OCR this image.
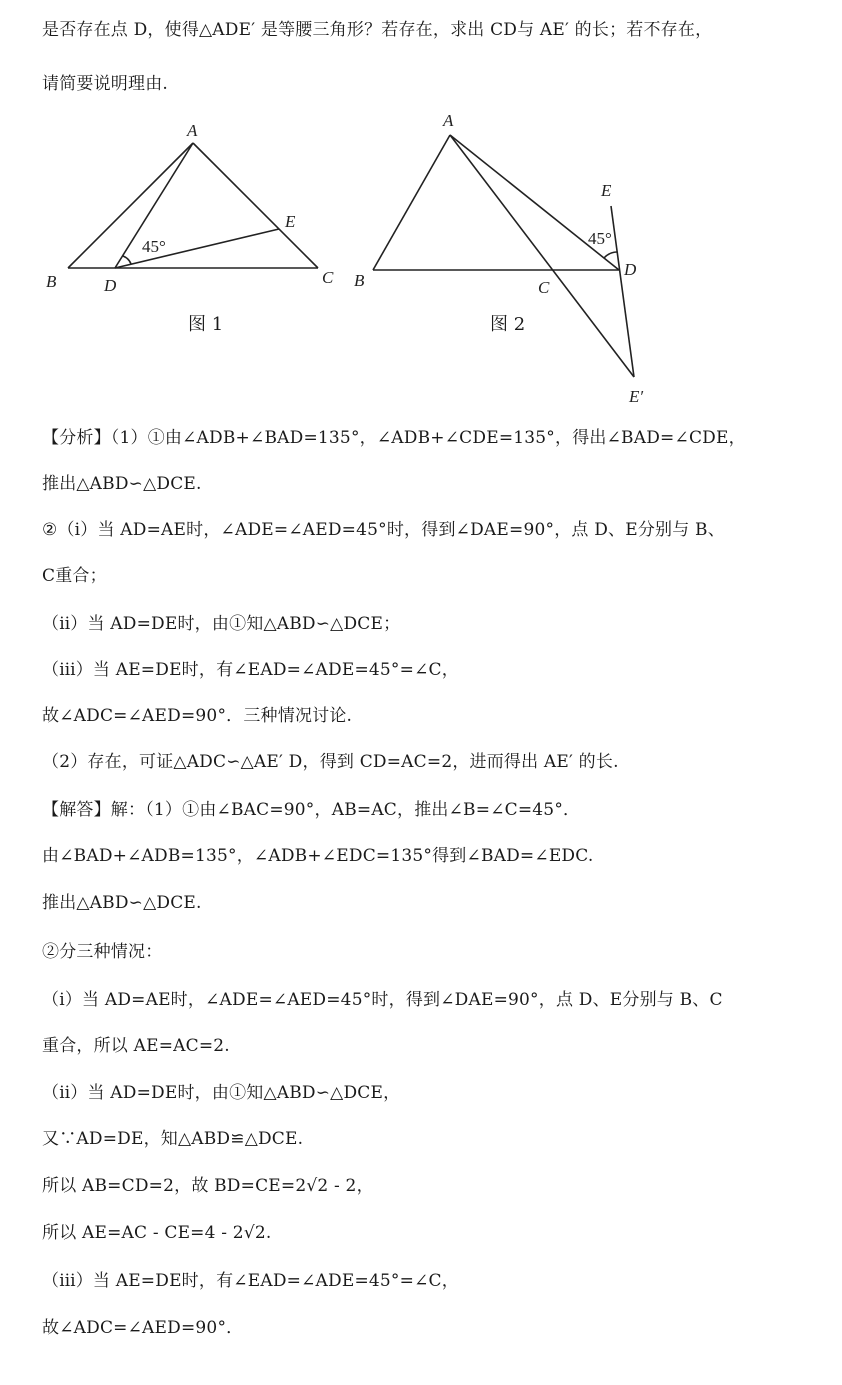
是否存在点 D，使得△ADE′ 是等腰三角形？若存在，求出 CD与 AE′ 的长；若不存在，
请简要说明理由.
A
B	D	C
E
45°
A
B	C
D
E
E′
45°
图 1	图 2
【分析】（1）①由∠ADB+∠BAD=135°，∠ADB+∠CDE=135°，得出∠BAD=∠CDE，
推出△ABD∽△DCE.
②（ⅰ）当 AD=AE时，∠ADE=∠AED=45°时，得到∠DAE=90°，点 D、E分别与 B、
C重合；
（ⅱ）当 AD=DE时，由①知△ABD∽△DCE；
（ⅲ）当 AE=DE时，有∠EAD=∠ADE=45°=∠C，
故∠ADC=∠AED=90°．三种情况讨论.
（2）存在，可证△ADC∽△AE′ D，得到 CD=AC=2，进而得出 AE′ 的长.
【解答】解：（1）①由∠BAC=90°，AB=AC，推出∠B=∠C=45°．
由∠BAD+∠ADB=135°，∠ADB+∠EDC=135°得到∠BAD=∠EDC.
推出△ABD∽△DCE.
②分三种情况：
（ⅰ）当 AD=AE时，∠ADE=∠AED=45°时，得到∠DAE=90°，点 D、E分别与 B、C
重合，所以 AE=AC=2.
（ⅱ）当 AD=DE时，由①知△ABD∽△DCE，
又∵AD=DE，知△ABD≌△DCE.
所以 AB=CD=2，故 BD=CE=2√2 - 2，
所以 AE=AC - CE=4 - 2√2.
（ⅲ）当 AE=DE时，有∠EAD=∠ADE=45°=∠C，
故∠ADC=∠AED=90°．
